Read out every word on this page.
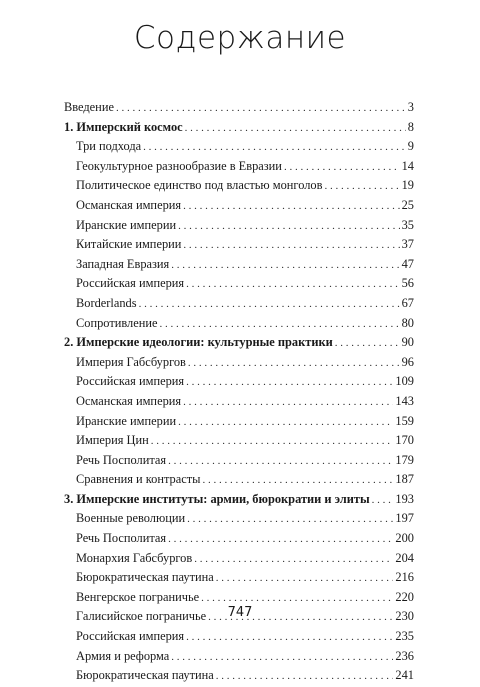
Содержание
Введение . . .	3
1. Имперский космос . . .	8
Три подхода . . .	9
Геокультурное разнообразие в Евразии . . .	14
Политическое единство под властью монголов . . .	19
Османская империя . . .	25
Иранские империи . . .	35
Китайские империи . . .	37
Западная Евразия . . .	47
Российская империя . . .	56
Borderlands . . .	67
Сопротивление . . .	80
2. Имперские идеологии: культурные практики . . .	90
Империя Габсбургов . . .	96
Российская империя . . .	109
Османская империя . . .	143
Иранские империи . . .	159
Империя Цин . . .	170
Речь Посполитая . . .	179
Сравнения и контрасты . . .	187
3. Имперские институты: армии, бюрократии и элиты . . . 193
Военные революции . . .	197
Речь Посполитая . . .	200
Монархия Габсбургов . . .	204
Бюрократическая паутина . . .	216
Венгерское пограничье . . .	220
Галисийское пограничье . . .	230
Российская империя . . .	235
Армия и реформа . . .	236
Бюрократическая паутина . . .	241
747
